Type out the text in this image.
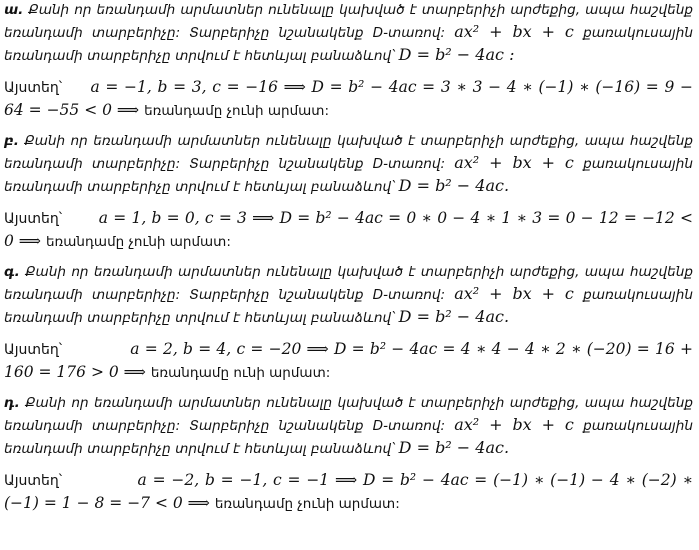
ա. Քանի որ եռանդամի արմատներ ունենալը կախված է տարբերիչի արժեքից, ապա հաշվենք եռանդամի տարբերիչը: Տարբերիչը նշանակենք D-տառով: ax² + bx + c քառակուսային եռանդամի տարբերիչը տրվում է հետևյալ բանաձևով՝ D = b² − 4ac :

Այստեղ՝ a = −1, b = 3, c = −16 ⟹ D = b² − 4ac = 3 ∗ 3 − 4 ∗ (−1) ∗ (−16) = 9 − 64 = −55 < 0 ⟹ եռանդամը չունի արմատ:

բ. Քանի որ եռանդամի արմատներ ունենալը կախված է տարբերիչի արժեքից, ապա հաշվենք եռանդամի տարբերիչը: Տարբերիչը նշանակենք D-տառով: ax² + bx + c քառակուսային եռանդամի տարբերիչը տրվում է հետևյալ բանաձևով՝ D = b² − 4ac.

Այստեղ՝ a = 1, b = 0, c = 3 ⟹ D = b² − 4ac = 0 ∗ 0 − 4 ∗ 1 ∗ 3 = 0 − 12 = −12 < 0 ⟹ եռանդամը չունի արմատ:

գ. Քանի որ եռանդամի արմատներ ունենալը կախված է տարբերիչի արժեքից, ապա հաշվենք եռանդամի տարբերիչը: Տարբերիչը նշանակենք D-տառով: ax² + bx + c քառակուսային եռանդամի տարբերիչը տրվում է հետևյալ բանաձևով՝ D = b² − 4ac.

Այստեղ՝	a = 2, b = 4, c = −20 ⟹ D = b² − 4ac = 4 ∗ 4 − 4 ∗ 2 ∗ (−20) = 16 + 160 = 176 > 0 ⟹ եռանդամը ունի արմատ:

դ. Քանի որ եռանդամի արմատներ ունենալը կախված է տարբերիչի արժեքից, ապա հաշվենք եռանդամի տարբերիչը: Տարբերիչը նշանակենք D-տառով: ax² + bx + c քառակուսային եռանդամի տարբերիչը տրվում է հետևյալ բանաձևով՝ D = b² − 4ac.

Այստեղ՝	a = −2, b = −1, c = −1 ⟹ D = b² − 4ac = (−1) ∗ (−1) − 4 ∗ (−2) ∗ (−1) = 1 − 8 = −7 < 0 ⟹ եռանդամը չունի արմատ:
